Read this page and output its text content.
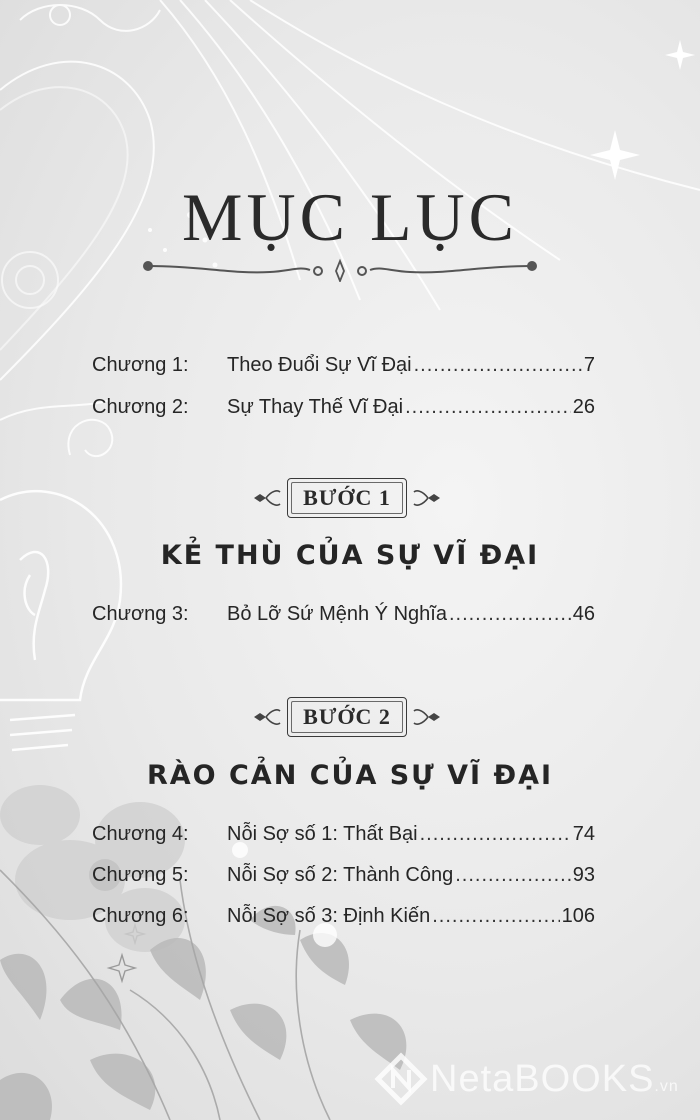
MỤC LỤC
Chương 1:	Theo Đuổi Sự Vĩ Đại .....	7
Chương 2:	Sự Thay Thế Vĩ Đại .....	26
BƯỚC 1
KẺ THÙ CỦA SỰ VĨ ĐẠI
Chương 3:	Bỏ Lỡ Sứ Mệnh Ý Nghĩa .....	46
BƯỚC 2
RÀO CẢN CỦA SỰ VĨ ĐẠI
Chương 4:	Nỗi Sợ số 1: Thất Bại .....	74
Chương 5:	Nỗi Sợ số 2: Thành Công .....	93
Chương 6:	Nỗi Sợ số 3: Định Kiến .....	106
NetaBOOKS.vn
